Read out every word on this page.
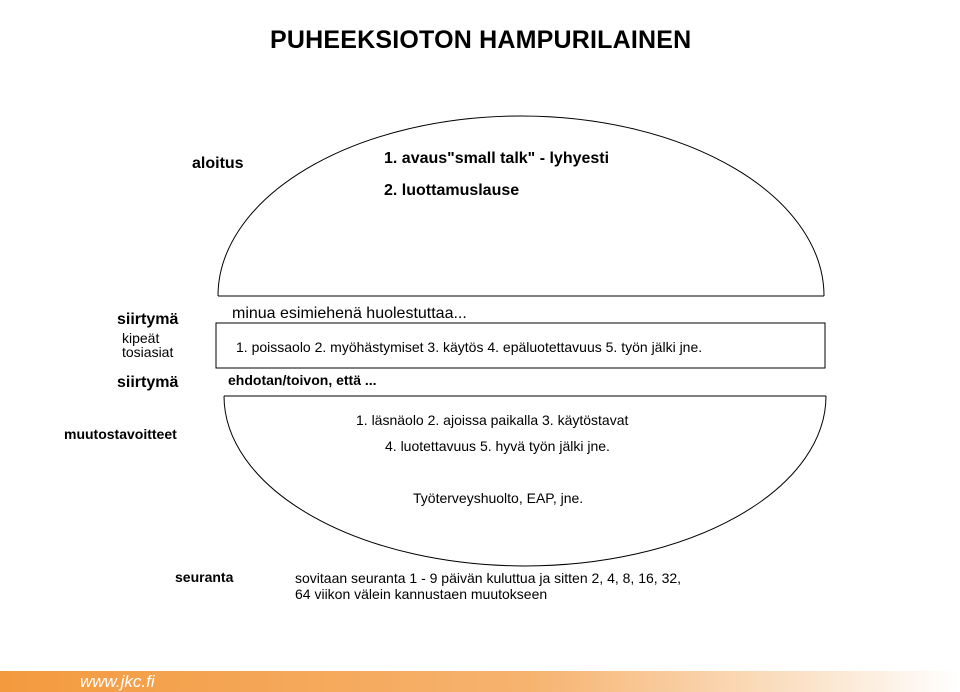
PUHEEKSIOTON HAMPURILAINEN
aloitus	1. avaus"small talk" - lyhyesti
2. luottamuslause
siirtymä	minua esimiehenä huolestuttaa...
kipeät
tosiasiat	1. poissaolo 2. myöhästymiset 3. käytös 4. epäluotettavuus 5. työn jälki jne.
siirtymä	ehdotan/toivon, että ...
muutostavoitteet
1. läsnäolo 2. ajoissa paikalla 3. käytöstavat
4. luotettavuus 5. hyvä työn jälki jne.
Työterveyshuolto, EAP, jne.
seuranta	sovitaan seuranta 1 - 9 päivän kuluttua ja sitten 2, 4, 8, 16, 32,
64 viikon välein kannustaen muutokseen
www.jkc.fi
